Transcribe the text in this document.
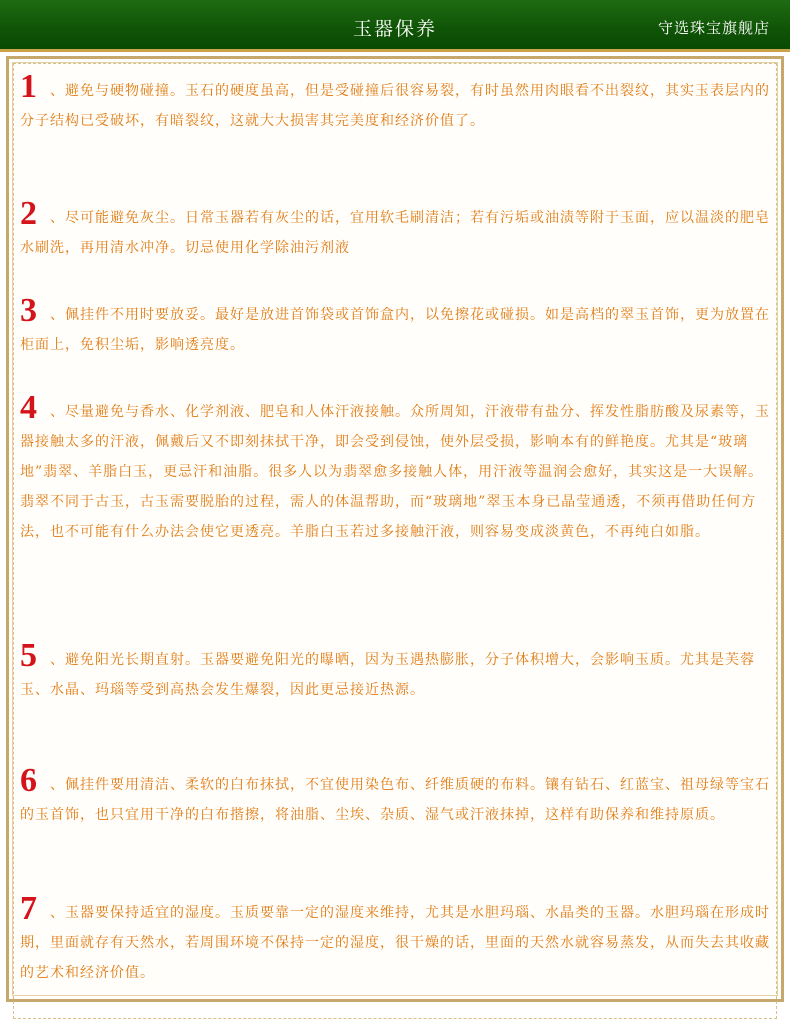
玉器保养	守选珠宝旗舰店
1 、避免与硬物碰撞。玉石的硬度虽高，但是受碰撞后很容易裂，有时虽然用肉眼看不出裂纹，其实玉表层内的分子结构已受破坏，有暗裂纹，这就大大损害其完美度和经济价值了。
2 、尽可能避免灰尘。日常玉器若有灰尘的话，宜用软毛刷清洁；若有污垢或油渍等附于玉面，应以温淡的肥皂水刷洗，再用清水冲净。切忌使用化学除油污剂液
3 、佩挂件不用时要放妥。最好是放进首饰袋或首饰盒内，以免擦花或碰损。如是高档的翠玉首饰，更为放置在柜面上，免积尘垢，影响透亮度。
4 、尽量避免与香水、化学剂液、肥皂和人体汗液接触。众所周知，汗液带有盐分、挥发性脂肪酸及尿素等，玉器接触太多的汗液，佩戴后又不即刻抹拭干净，即会受到侵蚀，使外层受损，影响本有的鲜艳度。尤其是“玻璃地”翡翠、羊脂白玉，更忌汗和油脂。很多人以为翡翠愈多接触人体，用汗液等温润会愈好，其实这是一大误解。翡翠不同于古玉，古玉需要脱胎的过程，需人的体温帮助，而“玻璃地”翠玉本身已晶莹通透，不须再借助任何方法，也不可能有什么办法会使它更透亮。羊脂白玉若过多接触汗液，则容易变成淡黄色，不再纯白如脂。
5 、避免阳光长期直射。玉器要避免阳光的曝晒，因为玉遇热膨胀，分子体积增大，会影响玉质。尤其是芙蓉玉、水晶、玛瑙等受到高热会发生爆裂，因此更忌接近热源。
6 、佩挂件要用清洁、柔软的白布抹拭，不宜使用染色布、纤维质硬的布料。镶有钻石、红蓝宝、祖母绿等宝石的玉首饰，也只宜用干净的白布揩擦，将油脂、尘埃、杂质、湿气或汗液抹掉，这样有助保养和维持原质。
7 、玉器要保持适宜的湿度。玉质要靠一定的湿度来维持，尤其是水胆玛瑙、水晶类的玉器。水胆玛瑙在形成时期，里面就存有天然水，若周围环境不保持一定的湿度，很干燥的话，里面的天然水就容易蒸发，从而失去其收藏的艺术和经济价值。
